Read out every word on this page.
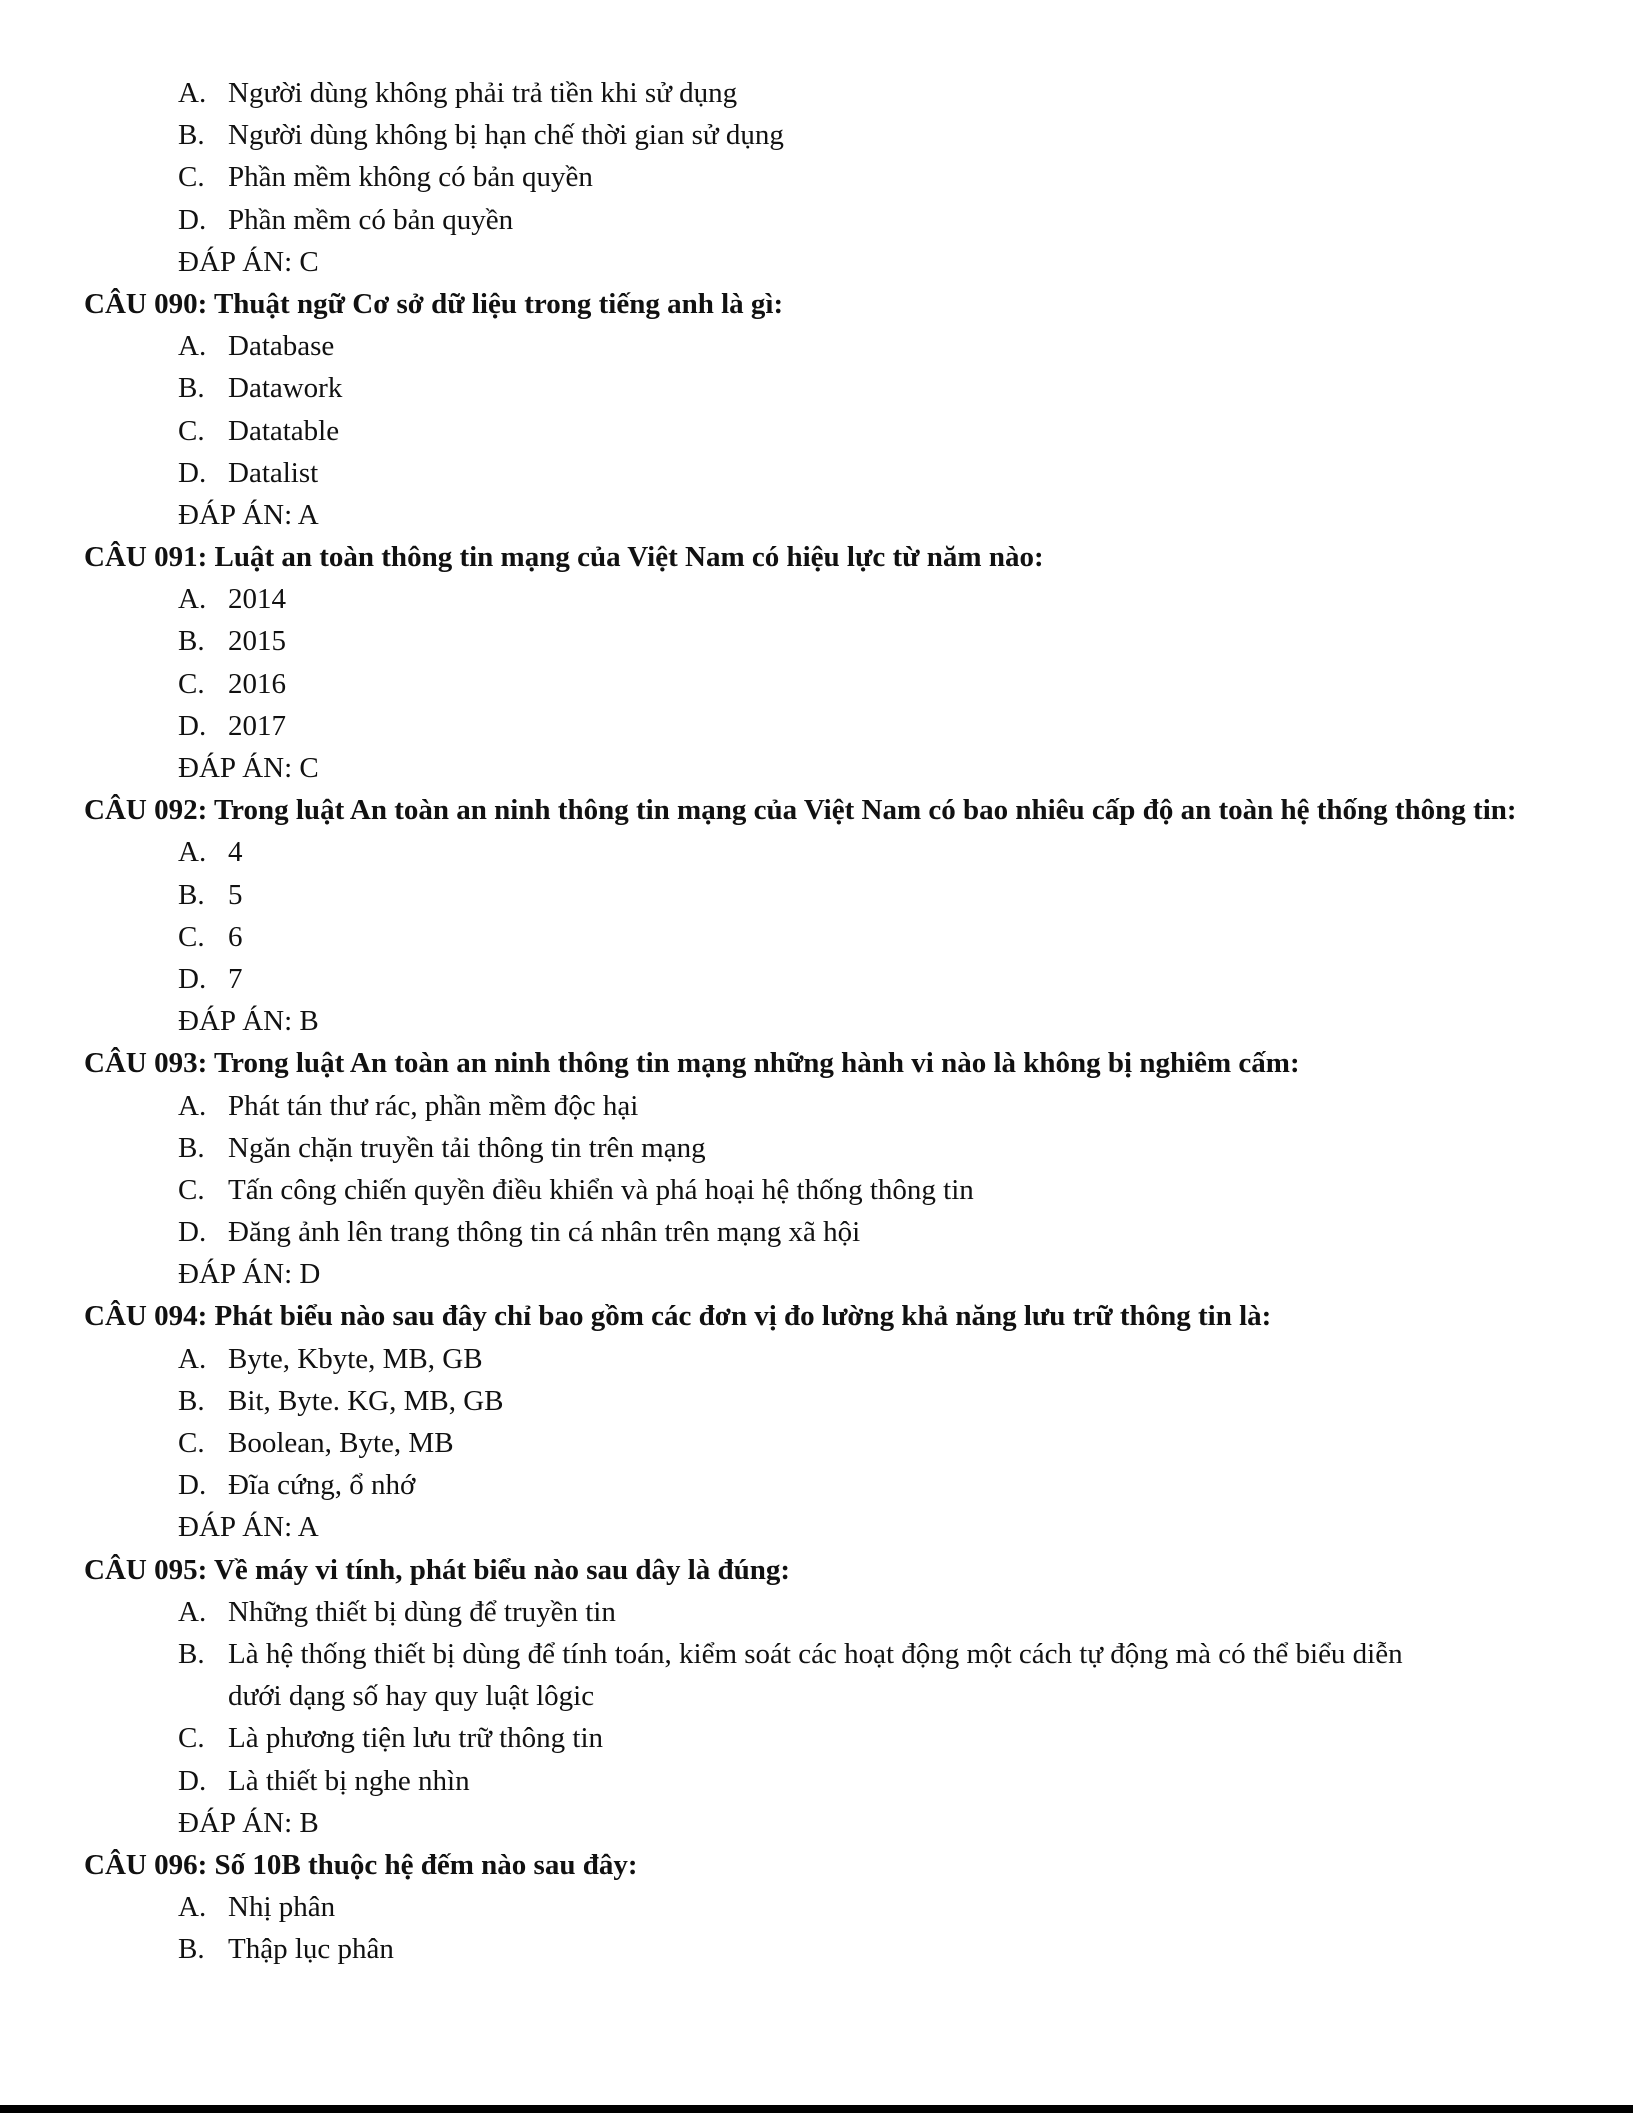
A. Người dùng không phải trả tiền khi sử dụng
B. Người dùng không bị hạn chế thời gian sử dụng
C. Phần mềm không có bản quyền
D. Phần mềm có bản quyền
ĐÁP ÁN: C
CÂU 090: Thuật ngữ Cơ sở dữ liệu trong tiếng anh là gì:
A. Database
B. Datawork
C. Datatable
D. Datalist
ĐÁP ÁN: A
CÂU 091: Luật an toàn thông tin mạng của Việt Nam có hiệu lực từ năm nào:
A. 2014
B. 2015
C. 2016
D. 2017
ĐÁP ÁN: C
CÂU 092: Trong luật An toàn an ninh thông tin mạng của Việt Nam có bao nhiêu cấp độ an toàn hệ thống thông tin:
A. 4
B. 5
C. 6
D. 7
ĐÁP ÁN: B
CÂU 093: Trong luật An toàn an ninh thông tin mạng những hành vi nào là không bị nghiêm cấm:
A. Phát tán thư rác, phần mềm độc hại
B. Ngăn chặn truyền tải thông tin trên mạng
C. Tấn công chiến quyền điều khiển và phá hoại hệ thống thông tin
D. Đăng ảnh lên trang thông tin cá nhân trên mạng xã hội
ĐÁP ÁN: D
CÂU 094: Phát biểu nào sau đây chỉ bao gồm các đơn vị đo lường khả năng lưu trữ thông tin là:
A. Byte, Kbyte, MB, GB
B. Bit, Byte. KG, MB, GB
C. Boolean, Byte, MB
D. Đĩa cứng, ổ nhớ
ĐÁP ÁN: A
CÂU 095: Về máy vi tính, phát biểu nào sau dây là đúng:
A. Những thiết bị dùng để truyền tin
B. Là hệ thống thiết bị dùng để tính toán, kiểm soát các hoạt động một cách tự động mà có thể biểu diễn
dưới dạng số hay quy luật lôgic
C. Là phương tiện lưu trữ thông tin
D. Là thiết bị nghe nhìn
ĐÁP ÁN: B
CÂU 096: Số 10B thuộc hệ đếm nào sau đây:
A. Nhị phân
B. Thập lục phân
